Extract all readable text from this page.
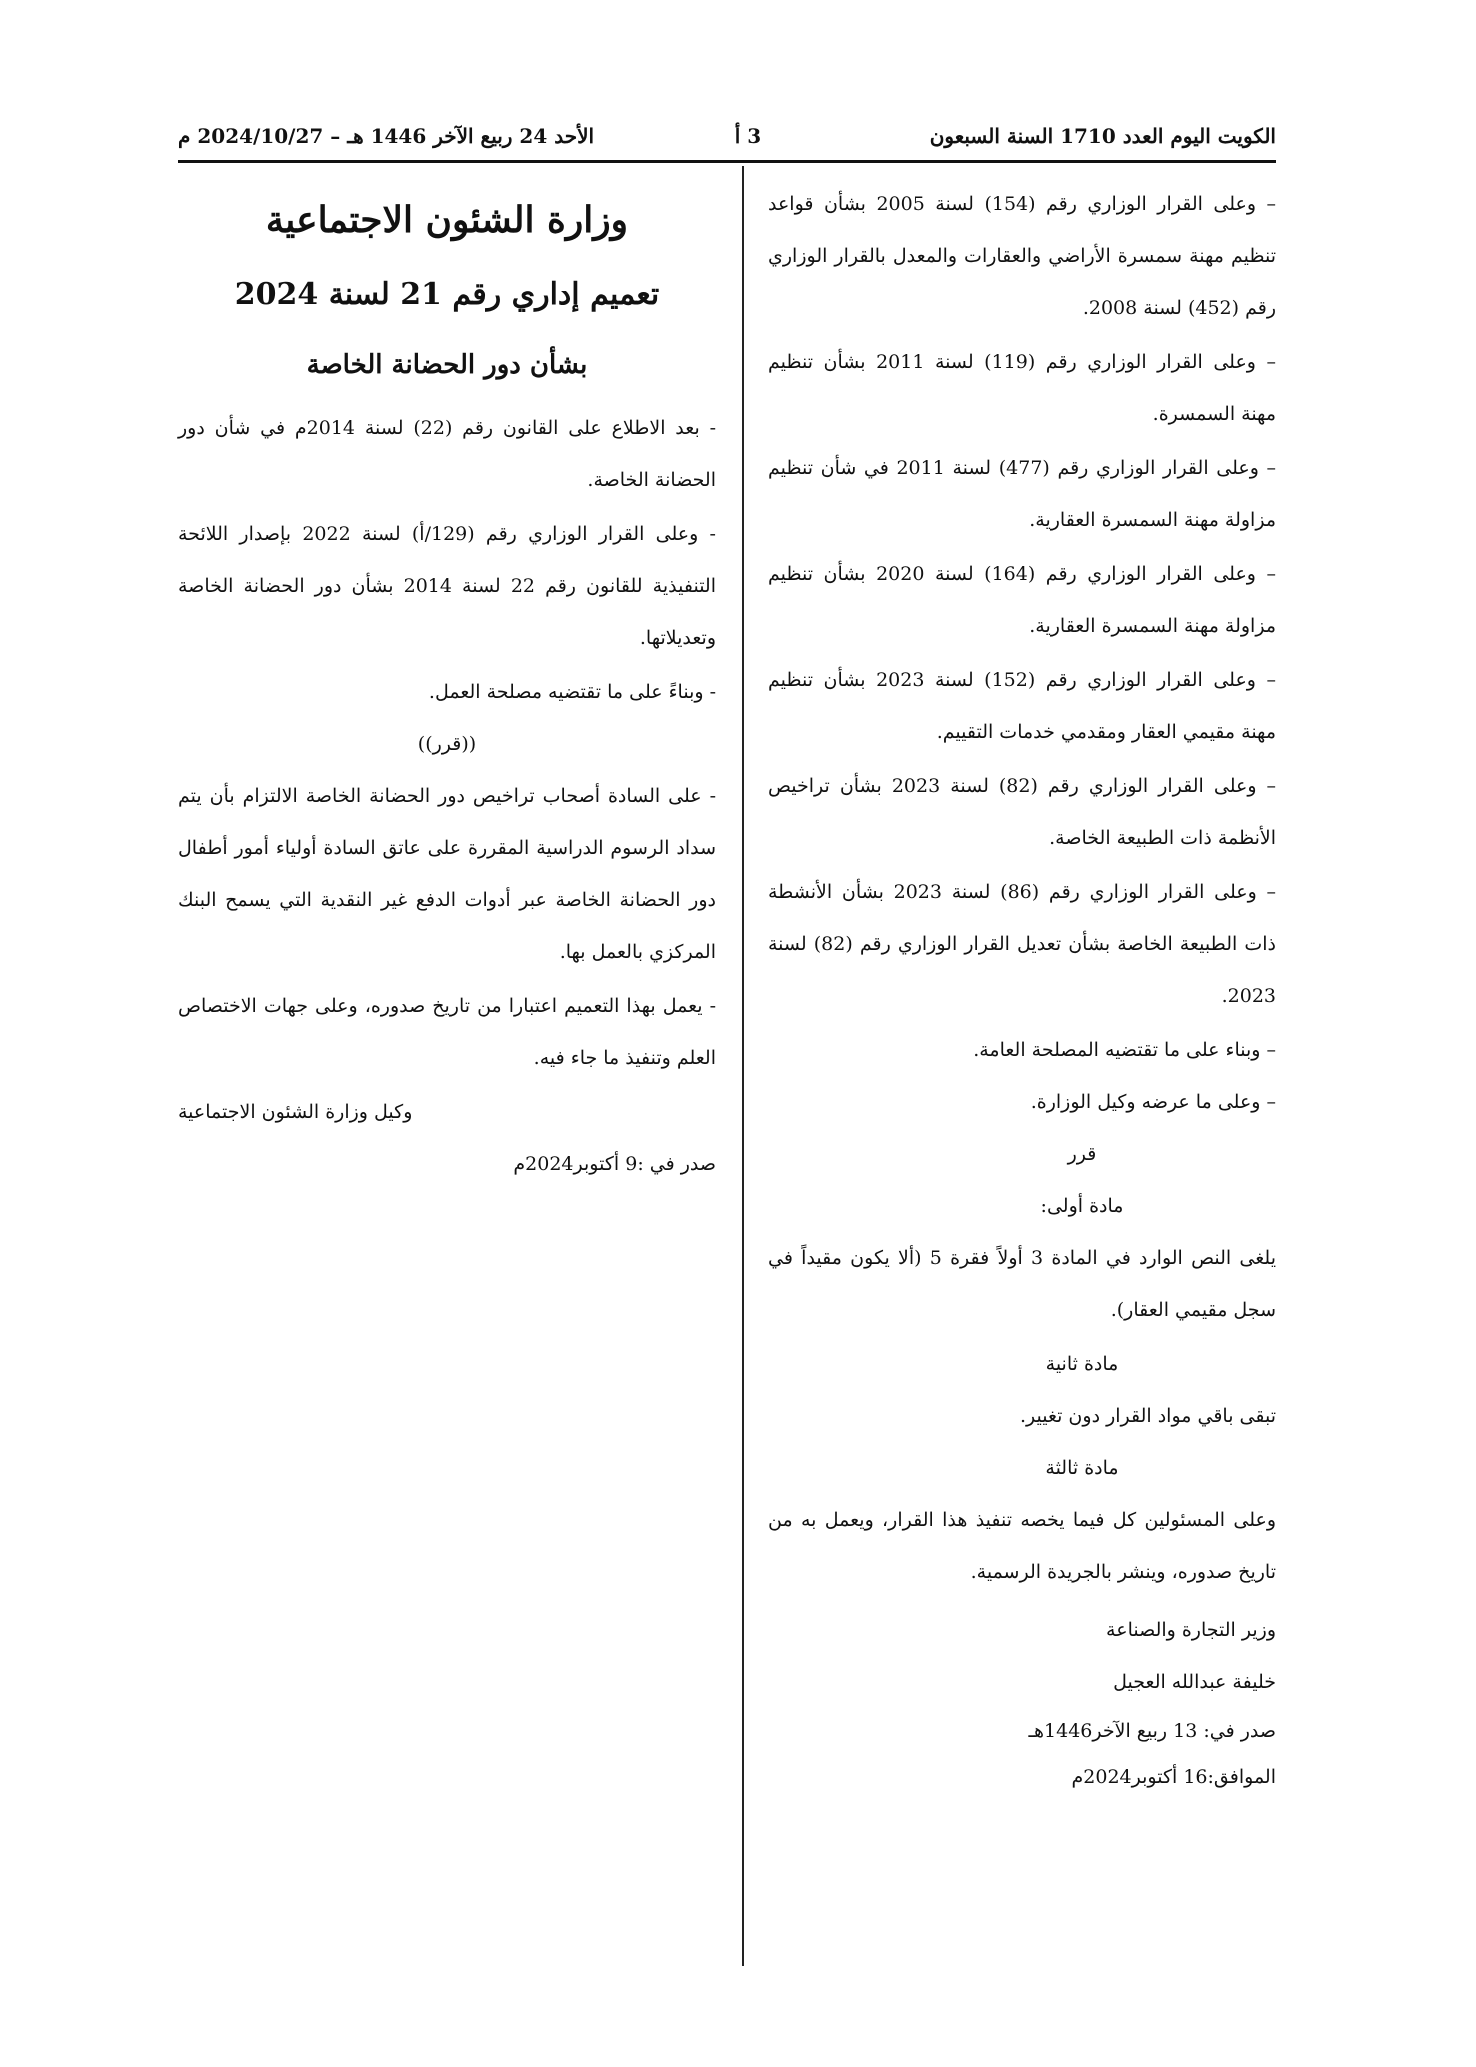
الكويت اليوم العدد 1710 السنة السبعون
3 أ
الأحد 24 ربيع الآخر 1446 هـ – 2024/10/27 م

– وعلى القرار الوزاري رقم (154) لسنة 2005 بشأن قواعد تنظيم مهنة سمسرة الأراضي والعقارات والمعدل بالقرار الوزاري رقم (452) لسنة 2008.

– وعلى القرار الوزاري رقم (119) لسنة 2011 بشأن تنظيم مهنة السمسرة.

– وعلى القرار الوزاري رقم (477) لسنة 2011 في شأن تنظيم مزاولة مهنة السمسرة العقارية.

– وعلى القرار الوزاري رقم (164) لسنة 2020 بشأن تنظيم مزاولة مهنة السمسرة العقارية.

– وعلى القرار الوزاري رقم (152) لسنة 2023 بشأن تنظيم مهنة مقيمي العقار ومقدمي خدمات التقييم.

– وعلى القرار الوزاري رقم (82) لسنة 2023 بشأن تراخيص الأنظمة ذات الطبيعة الخاصة.

– وعلى القرار الوزاري رقم (86) لسنة 2023 بشأن الأنشطة ذات الطبيعة الخاصة بشأن تعديل القرار الوزاري رقم (82) لسنة 2023.

– وبناء على ما تقتضيه المصلحة العامة.

– وعلى ما عرضه وكيل الوزارة.

قرر

مادة أولى:

يلغى النص الوارد في المادة 3 أولاً فقرة 5 (ألا يكون مقيداً في سجل مقيمي العقار).

مادة ثانية

تبقى باقي مواد القرار دون تغيير.

مادة ثالثة

وعلى المسئولين كل فيما يخصه تنفيذ هذا القرار، ويعمل به من تاريخ صدوره، وينشر بالجريدة الرسمية.

وزير التجارة والصناعة

خليفة عبدالله العجيل

صدر في: 13 ربيع الآخر1446هـ

الموافق:16 أكتوبر2024م

وزارة الشئون الاجتماعية
تعميم إداري رقم 21 لسنة 2024
بشأن دور الحضانة الخاصة

- بعد الاطلاع على القانون رقم (22) لسنة 2014م في شأن دور الحضانة الخاصة.

- وعلى القرار الوزاري رقم (129/أ) لسنة 2022 بإصدار اللائحة التنفيذية للقانون رقم 22 لسنة 2014 بشأن دور الحضانة الخاصة وتعديلاتها.

- وبناءً على ما تقتضيه مصلحة العمل.

((قرر))

- على السادة أصحاب تراخيص دور الحضانة الخاصة الالتزام بأن يتم سداد الرسوم الدراسية المقررة على عاتق السادة أولياء أمور أطفال دور الحضانة الخاصة عبر أدوات الدفع غير النقدية التي يسمح البنك المركزي بالعمل بها.

- يعمل بهذا التعميم اعتبارا من تاريخ صدوره، وعلى جهات الاختصاص العلم وتنفيذ ما جاء فيه.

وكيل وزارة الشئون الاجتماعية

صدر في :9 أكتوبر2024م
